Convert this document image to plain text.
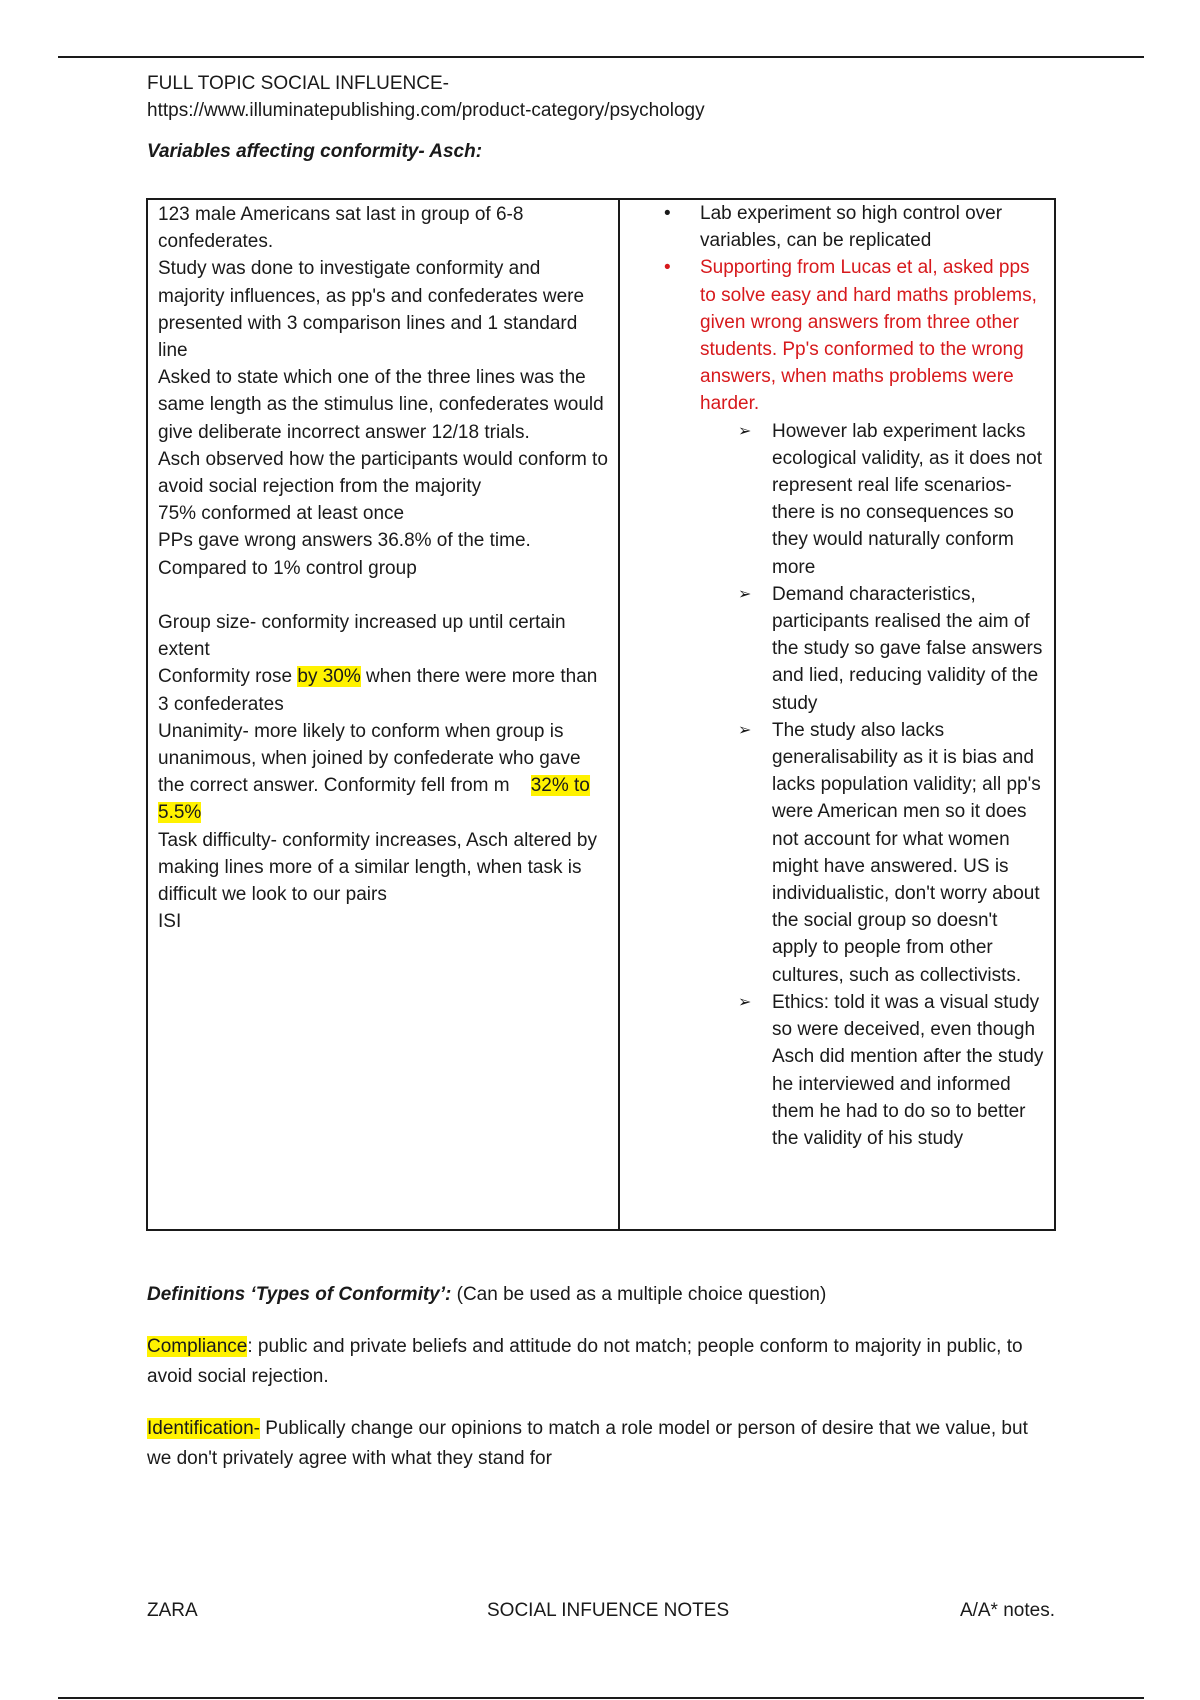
FULL TOPIC SOCIAL INFLUENCE-
https://www.illuminatepublishing.com/product-category/psychology
Variables affecting conformity- Asch:

123 male Americans sat last in group of 6-8 confederates.

Study was done to investigate conformity and majority influences, as pp's and confederates were presented with 3 comparison lines and 1 standard line

Asked to state which one of the three lines was the same length as the stimulus line, confederates would give deliberate incorrect answer 12/18 trials.

Asch observed how the participants would conform to avoid social rejection from the majority

75% conformed at least once

PPs gave wrong answers 36.8% of the time. Compared to 1% control group

Group size- conformity increased up until certain extent

Conformity rose by 30% when there were more than 3 confederates

Unanimity- more likely to conform when group is unanimous, when joined by confederate who gave the correct answer. Conformity fell from m    32% to 5.5%

Task difficulty- conformity increases, Asch altered by making lines more of a similar length, when task is difficult we look to our pairs

ISI

• Lab experiment so high control over variables, can be replicated
• Supporting from Lucas et al, asked pps to solve easy and hard maths problems, given wrong answers from three other students. Pp's conformed to the wrong answers, when maths problems were harder.
➢ However lab experiment lacks ecological validity, as it does not represent real life scenarios- there is no consequences so they would naturally conform more
➢ Demand characteristics, participants realised the aim of the study so gave false answers and lied, reducing validity of the study
➢ The study also lacks generalisability as it is bias and lacks population validity; all pp's were American men so it does not account for what women might have answered. US is individualistic, don't worry about the social group so doesn't apply to people from other cultures, such as collectivists.
➢ Ethics: told it was a visual study so were deceived, even though Asch did mention after the study he interviewed and informed them he had to do so to better the validity of his study

Definitions ‘Types of Conformity’: (Can be used as a multiple choice question)

Compliance: public and private beliefs and attitude do not match; people conform to majority in public, to avoid social rejection.

Identification- Publically change our opinions to match a role model or person of desire that we value, but we don't privately agree with what they stand for

ZARA	SOCIAL INFUENCE NOTES	A/A* notes.
